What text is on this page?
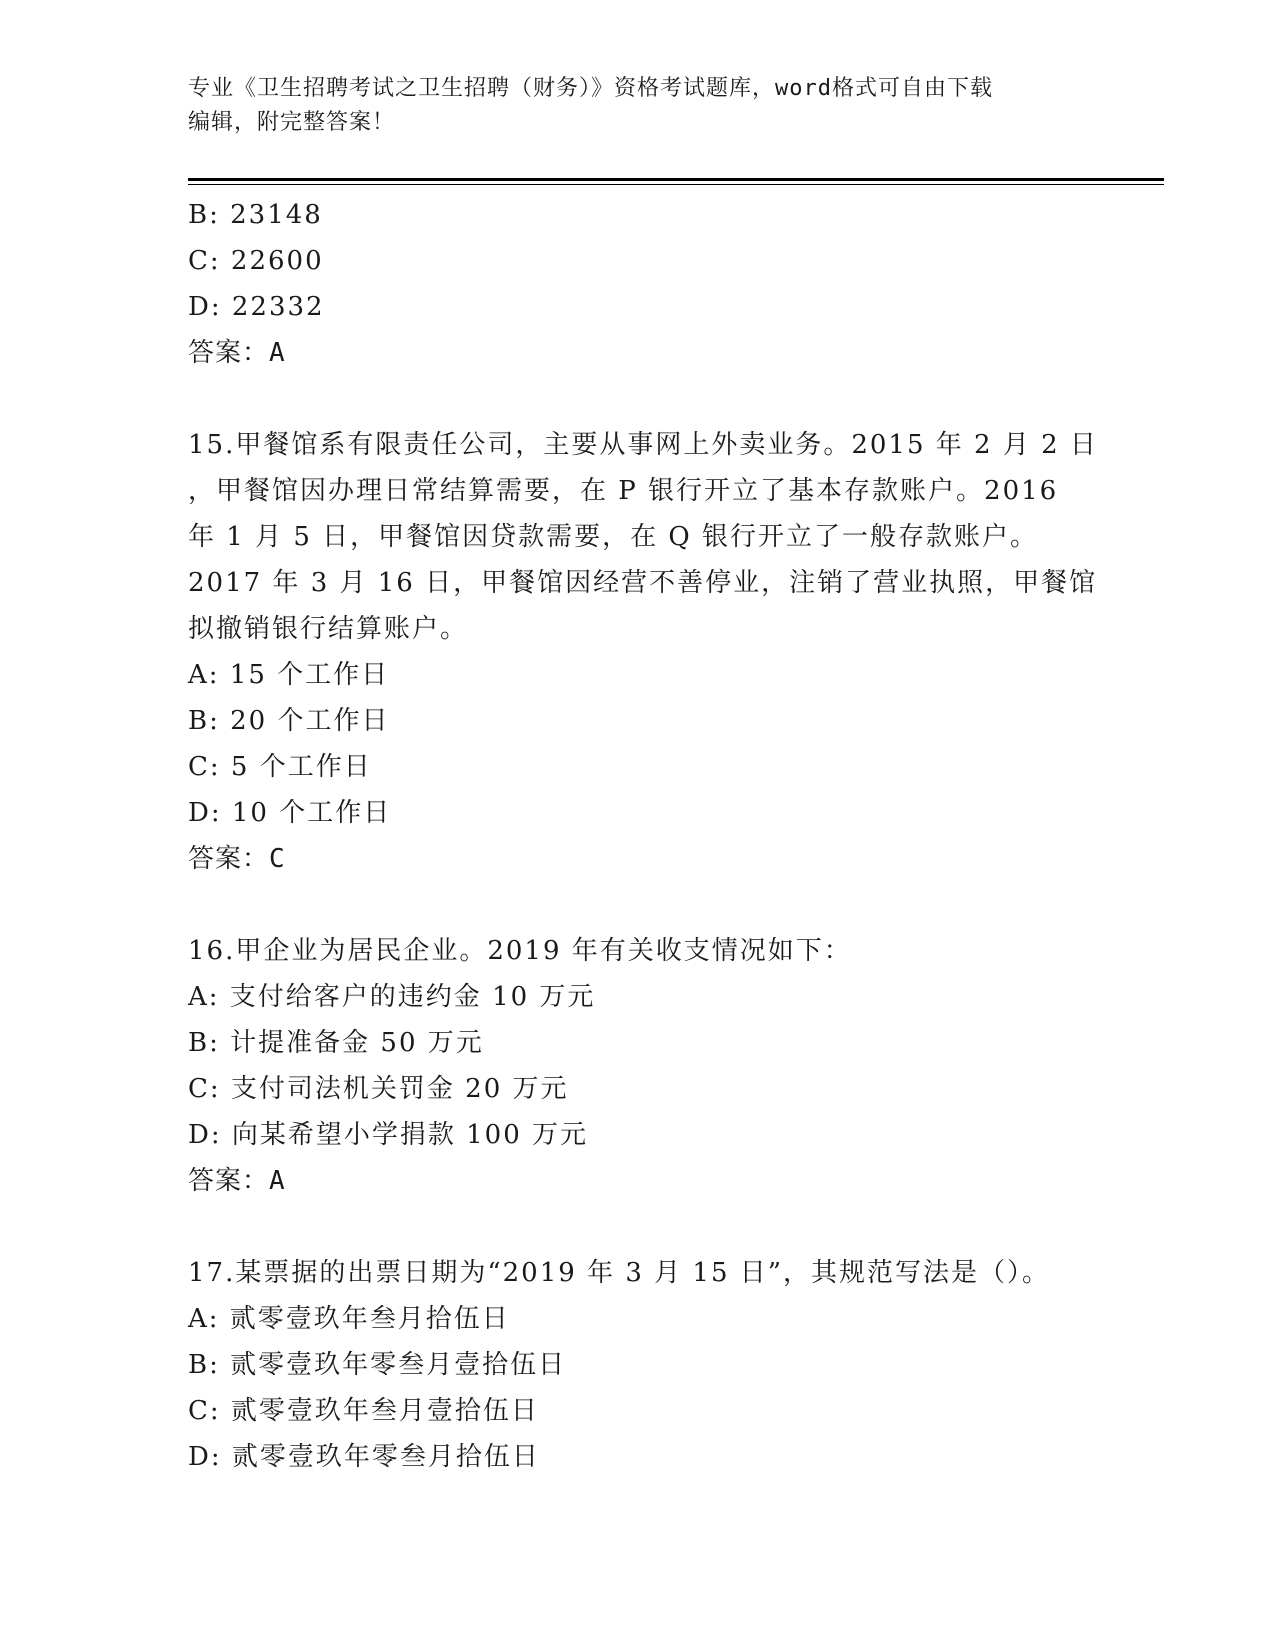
专业《卫生招聘考试之卫生招聘（财务）》资格考试题库，word格式可自由下载
编辑，附完整答案！
B: 23148
C: 22600
D: 22332
答案：A
15.甲餐馆系有限责任公司，主要从事网上外卖业务。2015 年 2 月 2 日
，甲餐馆因办理日常结算需要，在 P 银行开立了基本存款账户。2016
年 1 月 5 日，甲餐馆因贷款需要，在 Q 银行开立了一般存款账户。
2017 年 3 月 16 日，甲餐馆因经营不善停业，注销了营业执照，甲餐馆
拟撤销银行结算账户。
A: 15 个工作日
B: 20 个工作日
C: 5 个工作日
D: 10 个工作日
答案：C
16.甲企业为居民企业。2019 年有关收支情况如下：
A: 支付给客户的违约金 10 万元
B: 计提准备金 50 万元
C: 支付司法机关罚金 20 万元
D: 向某希望小学捐款 100 万元
答案：A
17.某票据的出票日期为“2019 年 3 月 15 日”，其规范写法是（）。
A: 贰零壹玖年叁月拾伍日
B: 贰零壹玖年零叁月壹拾伍日
C: 贰零壹玖年叁月壹拾伍日
D: 贰零壹玖年零叁月拾伍日
